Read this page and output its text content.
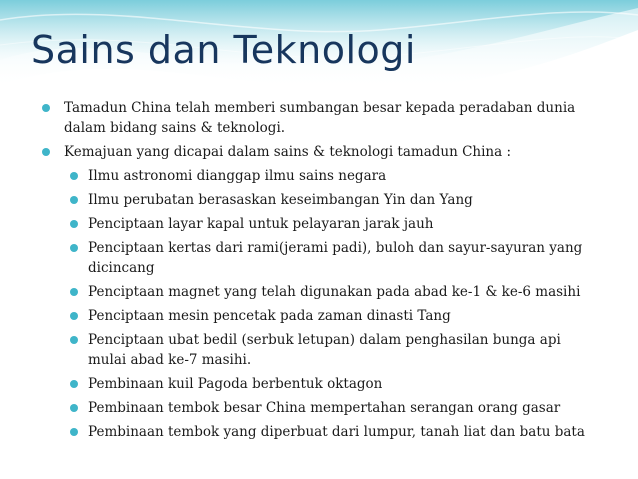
Sains dan Teknologi
Tamadun China telah memberi sumbangan besar kepada peradaban dunia dalam bidang sains & teknologi.
Kemajuan yang dicapai dalam sains & teknologi tamadun China :
Ilmu astronomi dianggap ilmu sains negara
Ilmu perubatan berasaskan keseimbangan Yin dan Yang
Penciptaan layar kapal untuk pelayaran jarak jauh
Penciptaan kertas dari rami(jerami padi), buloh dan sayur-sayuran yang dicincang
Penciptaan magnet yang telah digunakan pada abad ke-1 & ke-6 masihi
Penciptaan mesin pencetak pada zaman dinasti Tang
Penciptaan ubat bedil (serbuk letupan) dalam penghasilan bunga api mulai abad ke-7 masihi.
Pembinaan kuil Pagoda berbentuk oktagon
Pembinaan tembok besar China mempertahan serangan orang gasar
Pembinaan tembok yang diperbuat dari lumpur, tanah liat dan batu bata
